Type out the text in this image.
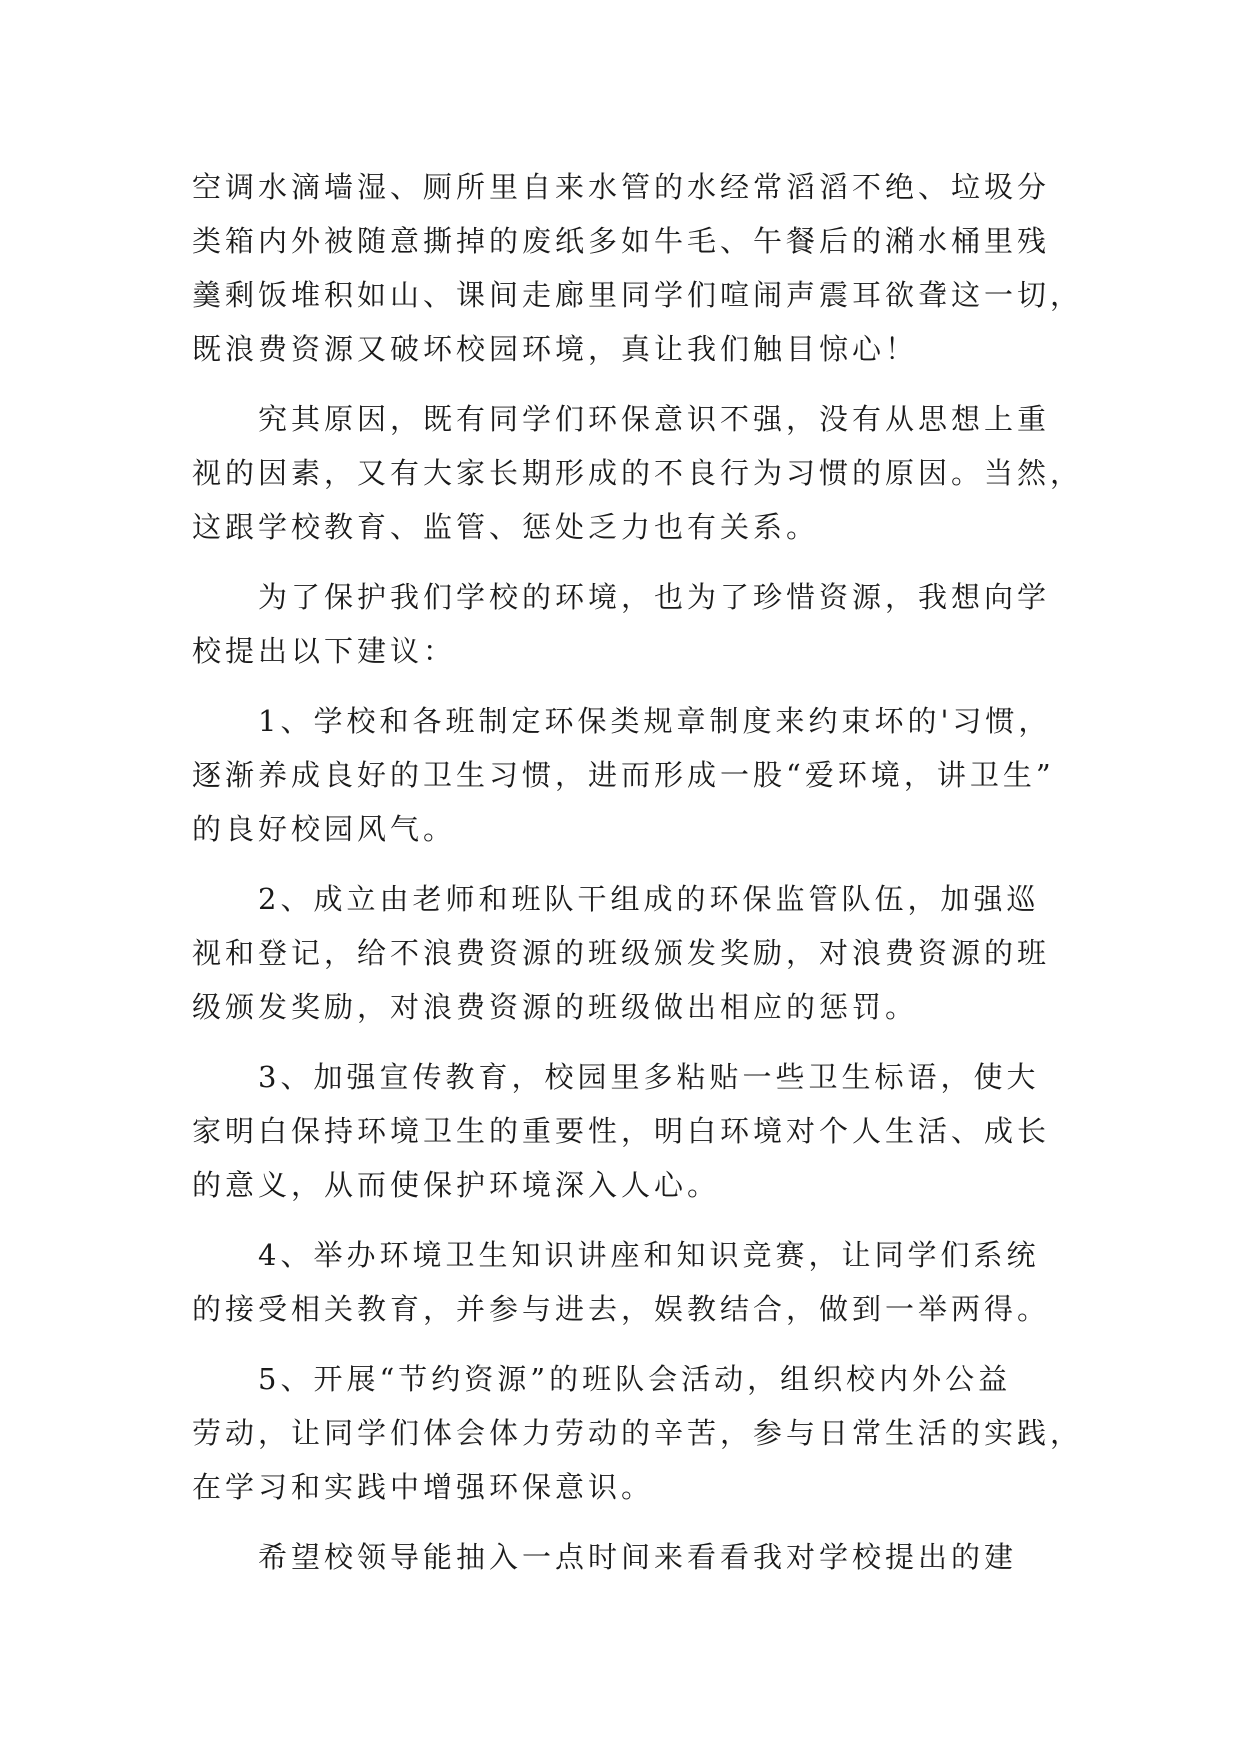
空调水滴墙湿、厕所里自来水管的水经常滔滔不绝、垃圾分
类箱内外被随意撕掉的废纸多如牛毛、午餐后的潲水桶里残
羹剩饭堆积如山、课间走廊里同学们喧闹声震耳欲聋这一切，
既浪费资源又破坏校园环境，真让我们触目惊心！
究其原因，既有同学们环保意识不强，没有从思想上重
视的因素，又有大家长期形成的不良行为习惯的原因。当然，
这跟学校教育、监管、惩处乏力也有关系。
为了保护我们学校的环境，也为了珍惜资源，我想向学
校提出以下建议：
1、学校和各班制定环保类规章制度来约束坏的'习惯，
逐渐养成良好的卫生习惯，进而形成一股“爱环境，讲卫生”
的良好校园风气。
2、成立由老师和班队干组成的环保监管队伍，加强巡
视和登记，给不浪费资源的班级颁发奖励，对浪费资源的班
级颁发奖励，对浪费资源的班级做出相应的惩罚。
3、加强宣传教育，校园里多粘贴一些卫生标语，使大
家明白保持环境卫生的重要性，明白环境对个人生活、成长
的意义，从而使保护环境深入人心。
4、举办环境卫生知识讲座和知识竞赛，让同学们系统
的接受相关教育，并参与进去，娱教结合，做到一举两得。
5、开展“节约资源”的班队会活动，组织校内外公益
劳动，让同学们体会体力劳动的辛苦，参与日常生活的实践，
在学习和实践中增强环保意识。
希望校领导能抽入一点时间来看看我对学校提出的建
